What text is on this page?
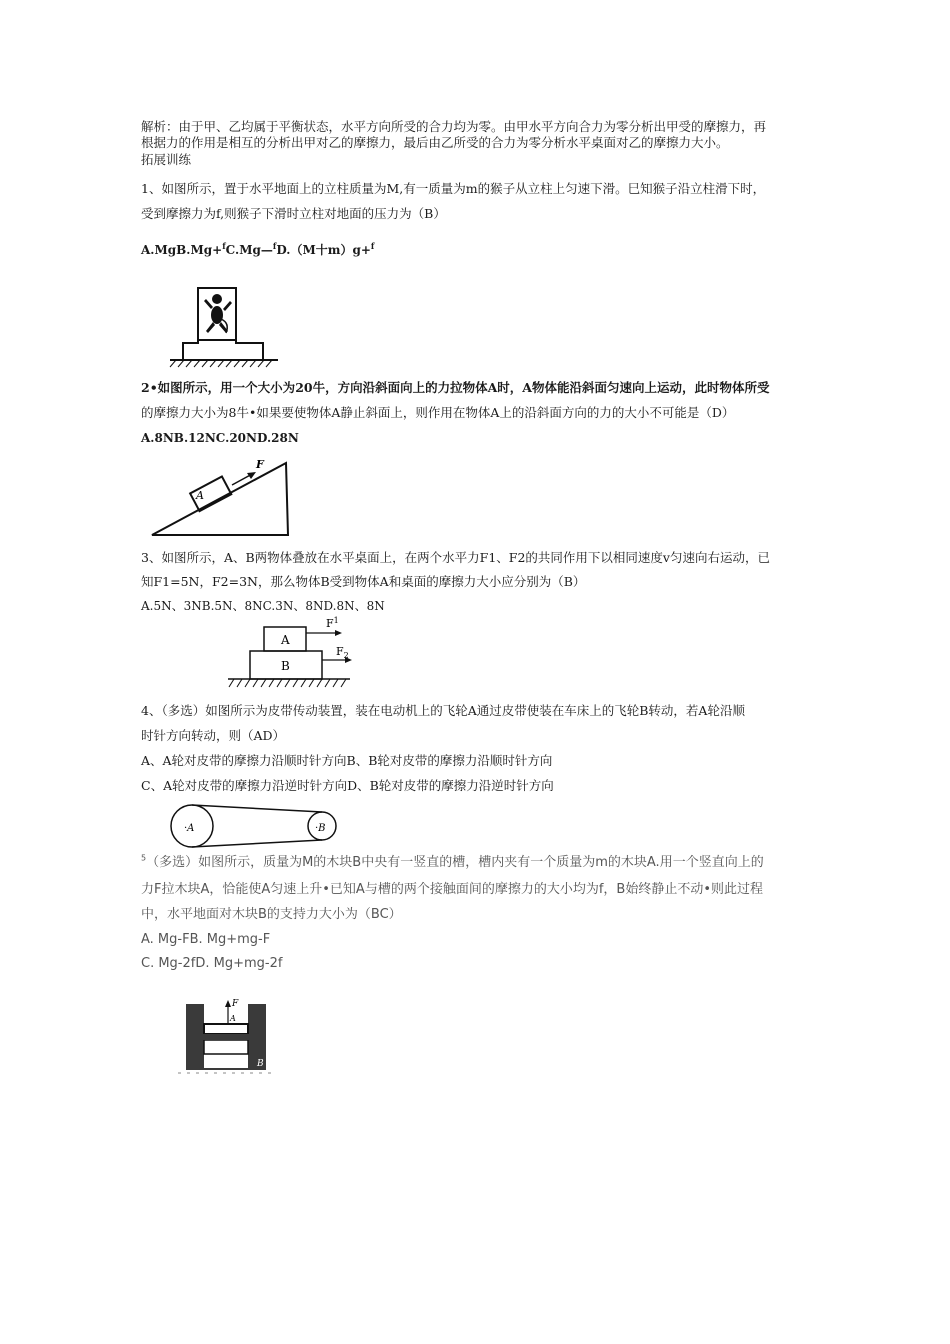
解析：由于甲、乙均属于平衡状态，水平方向所受的合力均为零。由甲水平方向合力为零分析出甲受的摩擦力，再
根据力的作用是相互的分析出甲对乙的摩擦力，最后由乙所受的合力为零分析水平桌面对乙的摩擦力大小。
拓展训练
1、如图所示，置于水平地面上的立柱质量为M,有一质量为m的猴子从立柱上匀速下滑。巳知猴子沿立柱滑下时，
受到摩擦力为f,则猴子下滑时立柱对地面的压力为（B）
A.MgB.Mg+$^f$C.Mg—$^f$D.（M十m）g+$^f$
2•如图所示，用一个大小为20牛，方向沿斜面向上的力拉物体A时，A物体能沿斜面匀速向上运动，此时物体所受
的摩擦力大小为8牛•如果要使物体A静止斜面上，则作用在物体A上的沿斜面方向的力的大小不可能是（D）
A.8NB.12NC.20ND.28N
A
F
3、如图所示，A、B两物体叠放在水平桌面上，在两个水平力F1、F2的共同作用下以相同速度v匀速向右运动，已
知F1=5N，F2=3N，那么物体B受到物体A和桌面的摩擦力大小应分别为（B）
A.5N、3NB.5N、8NC.3N、8ND.8N、8N
A
B
$F^1$
$F_2$
4、（多选）如图所示为皮带传动装置，装在电动机上的飞轮A通过皮带使装在车床上的飞轮B转动，若A轮沿顺
时针方向转动，则（AD）
A、A轮对皮带的摩擦力沿顺时针方向B、B轮对皮带的摩擦力沿顺时针方向
C、A轮对皮带的摩擦力沿逆时针方向D、B轮对皮带的摩擦力沿逆时针方向
·A	·B
$^5$（多选）如图所示，质量为M的木块B中央有一竖直的槽，槽内夹有一个质量为m的木块A.用一个竖直向上的
力F拉木块A，恰能使A匀速上升•已知A与槽的两个接触面间的摩擦力的大小均为f，B始终静止不动•则此过程
中，水平地面对木块B的支持力大小为（BC）
A. Mg-FB. Mg+mg-F
C. Mg-2fD. Mg+mg-2f
F
A
B
